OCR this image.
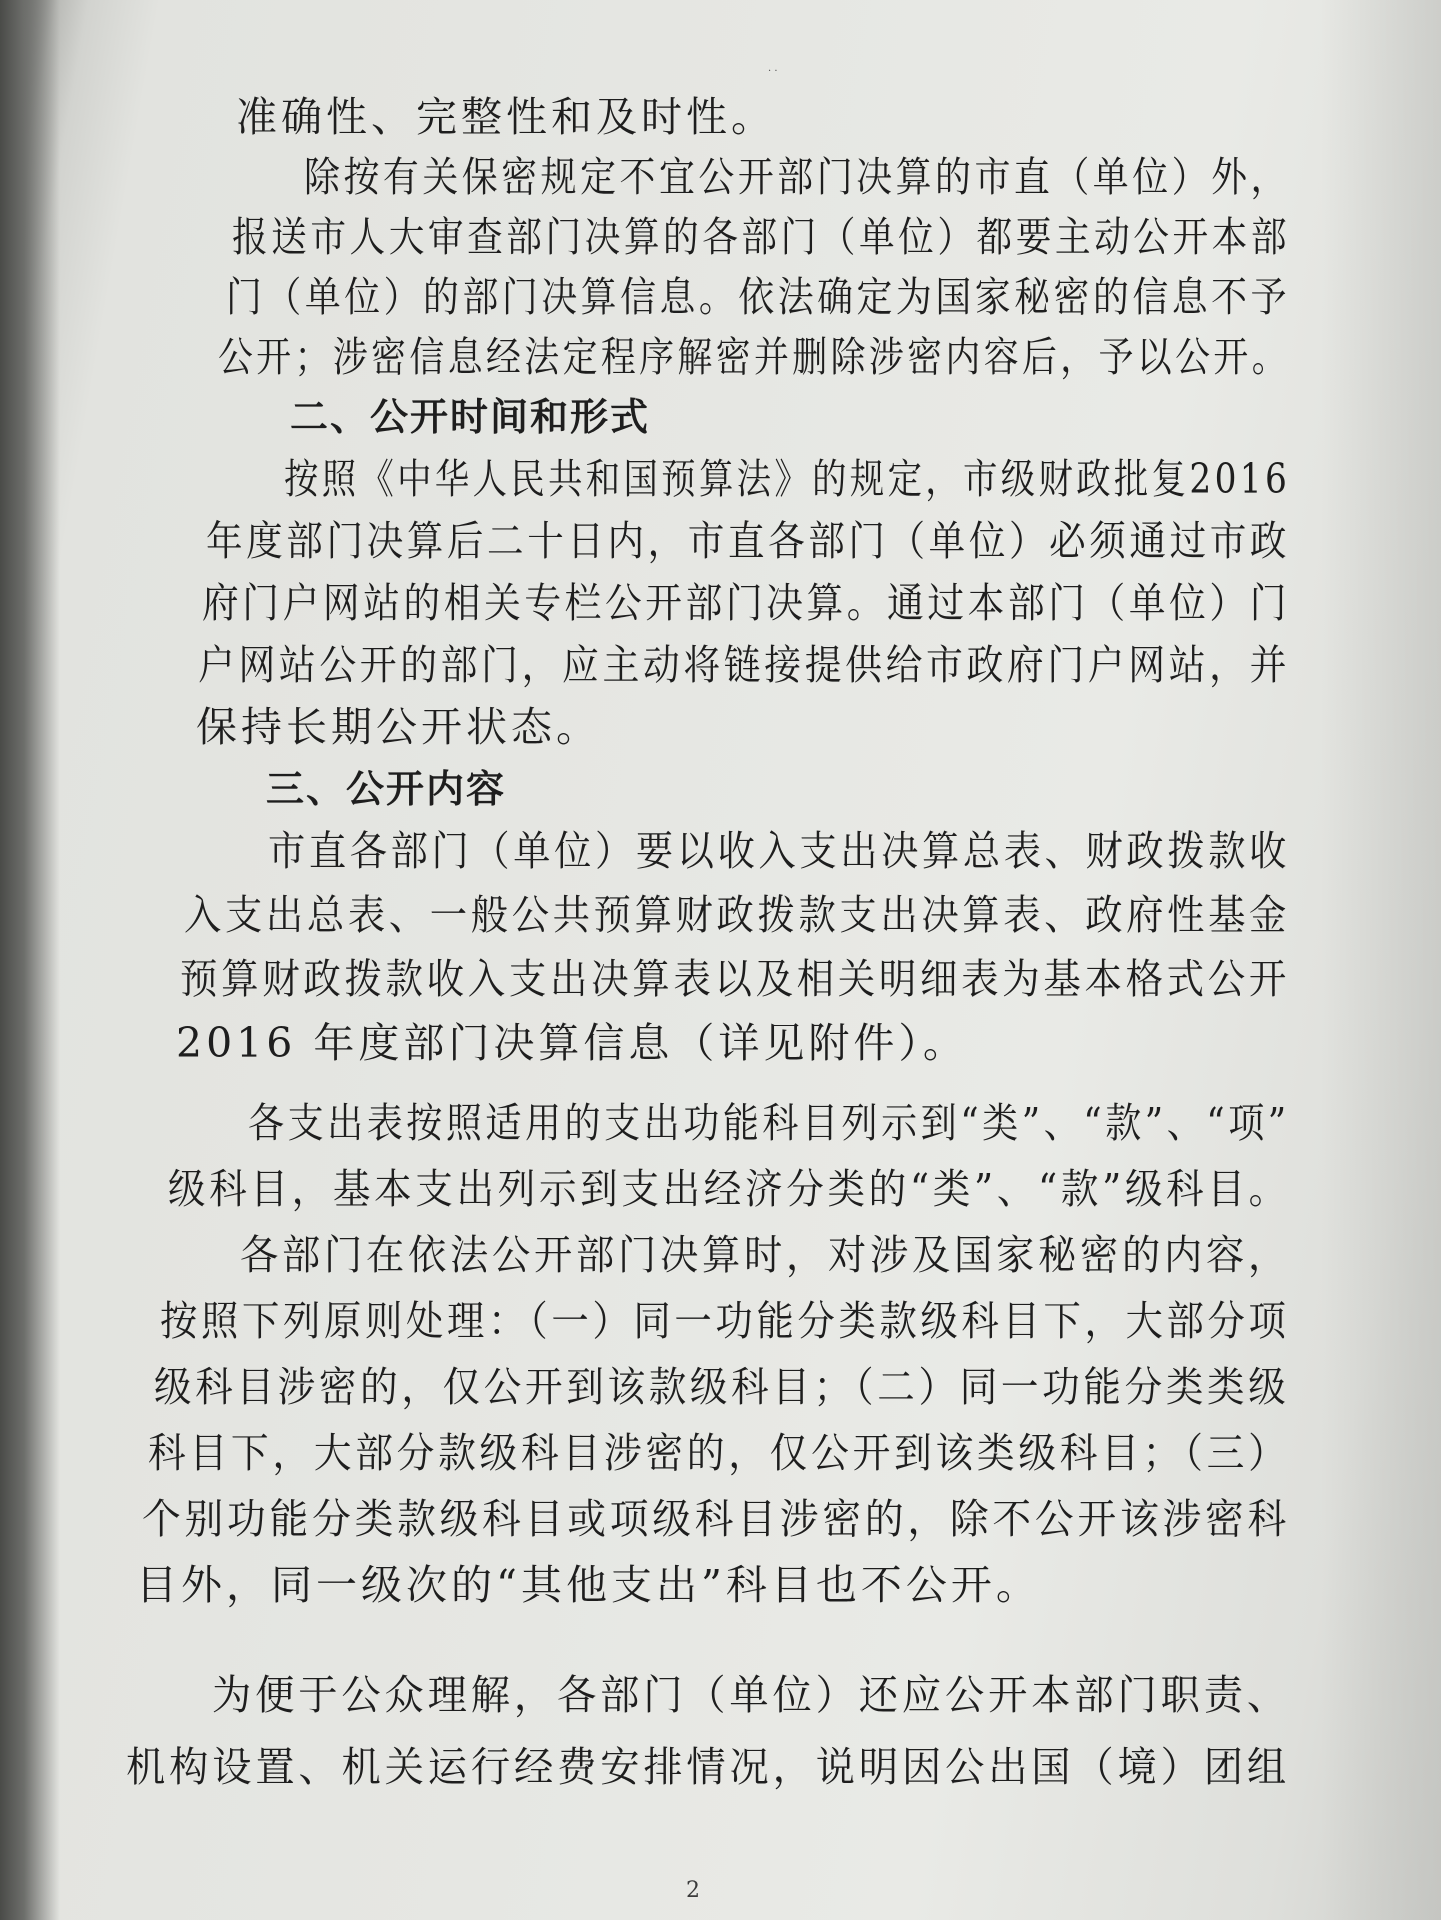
· ·
准确性、完整性和及时性。
除按有关保密规定不宜公开部门决算的市直（单位）外，
报送市人大审查部门决算的各部门（单位）都要主动公开本部
门（单位）的部门决算信息。依法确定为国家秘密的信息不予
公开；涉密信息经法定程序解密并删除涉密内容后，予以公开。
二、公开时间和形式
按照《中华人民共和国预算法》的规定，市级财政批复2016
年度部门决算后二十日内，市直各部门（单位）必须通过市政
府门户网站的相关专栏公开部门决算。通过本部门（单位）门
户网站公开的部门，应主动将链接提供给市政府门户网站，并
保持长期公开状态。
三、公开内容
市直各部门（单位）要以收入支出决算总表、财政拨款收
入支出总表、一般公共预算财政拨款支出决算表、政府性基金
预算财政拨款收入支出决算表以及相关明细表为基本格式公开
2016 年度部门决算信息（详见附件）。
各支出表按照适用的支出功能科目列示到“类”、“款”、“项”
级科目，基本支出列示到支出经济分类的“类”、“款”级科目。
各部门在依法公开部门决算时，对涉及国家秘密的内容，
按照下列原则处理：（一）同一功能分类款级科目下，大部分项
级科目涉密的，仅公开到该款级科目；（二）同一功能分类类级
科目下，大部分款级科目涉密的，仅公开到该类级科目；（三）
个别功能分类款级科目或项级科目涉密的，除不公开该涉密科
目外，同一级次的“其他支出”科目也不公开。
为便于公众理解，各部门（单位）还应公开本部门职责、
机构设置、机关运行经费安排情况，说明因公出国（境）团组
2
